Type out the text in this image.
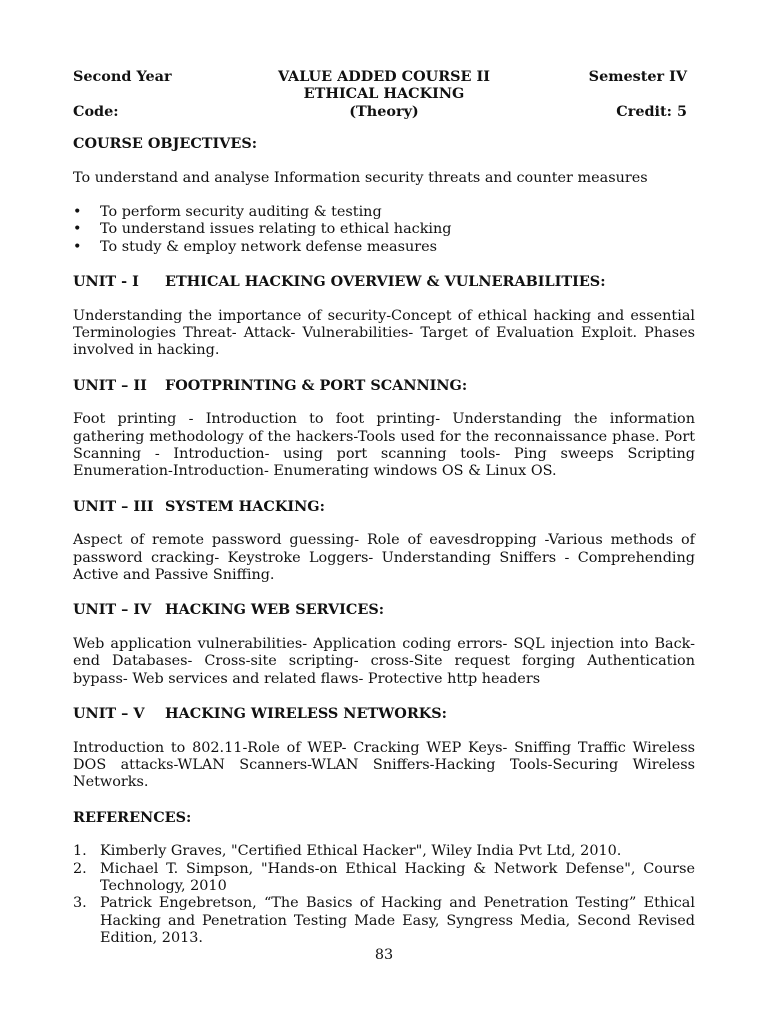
Second Year	VALUE ADDED COURSE II	Semester IV
ETHICAL HACKING
Code:	(Theory)	Credit: 5

COURSE OBJECTIVES:

To understand and analyse Information security threats and counter measures

• To perform security auditing & testing
• To understand issues relating to ethical hacking
• To study & employ network defense measures
UNIT - I	ETHICAL HACKING OVERVIEW & VULNERABILITIES:

Understanding the importance of security-Concept of ethical hacking and essential Terminologies Threat- Attack- Vulnerabilities- Target of Evaluation Exploit. Phases involved in hacking.

UNIT – II	FOOTPRINTING & PORT SCANNING:

Foot printing - Introduction to foot printing- Understanding the information gathering methodology of the hackers-Tools used for the reconnaissance phase. Port Scanning - Introduction- using port scanning tools- Ping sweeps Scripting Enumeration-Introduction- Enumerating windows OS & Linux OS.

UNIT – III SYSTEM HACKING:

Aspect of remote password guessing- Role of eavesdropping -Various methods of password cracking- Keystroke Loggers- Understanding Sniffers - Comprehending Active and Passive Sniffing.

UNIT – IV HACKING WEB SERVICES:

Web application vulnerabilities- Application coding errors- SQL injection into Back-end Databases- Cross-site scripting- cross-Site request forging Authentication bypass- Web services and related flaws- Protective http headers

UNIT – V	HACKING WIRELESS NETWORKS:

Introduction to 802.11-Role of WEP- Cracking WEP Keys- Sniffing Traffic Wireless DOS attacks-WLAN Scanners-WLAN Sniffers-Hacking Tools-Securing Wireless Networks.

REFERENCES:

1. Kimberly Graves, "Certified Ethical Hacker", Wiley India Pvt Ltd, 2010.
2. Michael T. Simpson, "Hands-on Ethical Hacking & Network Defense", Course Technology, 2010
3. Patrick Engebretson, “The Basics of Hacking and Penetration Testing” Ethical Hacking and Penetration Testing Made Easy, Syngress Media, Second Revised Edition, 2013.
83
